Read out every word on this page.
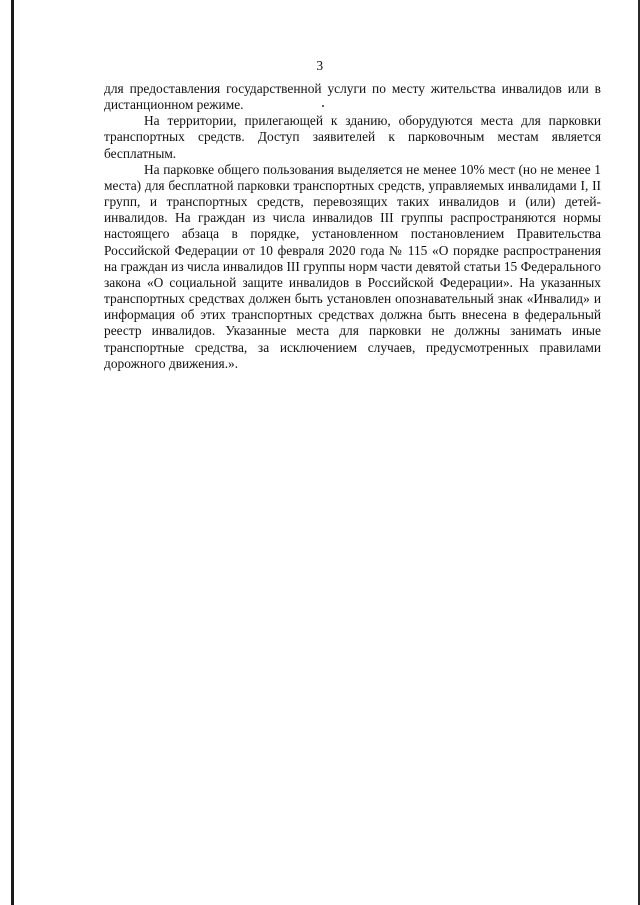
3

для предоставления государственной услуги по месту жительства инвалидов или в дистанционном режиме.

На территории, прилегающей к зданию, оборудуются места для парковки транспортных средств. Доступ заявителей к парковочным местам является бесплатным.

На парковке общего пользования выделяется не менее 10% мест (но не менее 1 места) для бесплатной парковки транспортных средств, управляемых инвалидами I, II групп, и транспортных средств, перевозящих таких инвалидов и (или) детей-инвалидов. На граждан из числа инвалидов III группы распространяются нормы настоящего абзаца в порядке, установленном постановлением Правительства Российской Федерации от 10 февраля 2020 года № 115 «О порядке распространения на граждан из числа инвалидов III группы норм части девятой статьи 15 Федерального закона «О социальной защите инвалидов в Российской Федерации». На указанных транспортных средствах должен быть установлен опознавательный знак «Инвалид» и информация об этих транспортных средствах должна быть внесена в федеральный реестр инвалидов. Указанные места для парковки не должны занимать иные транспортные средства, за исключением случаев, предусмотренных правилами дорожного движения.».
